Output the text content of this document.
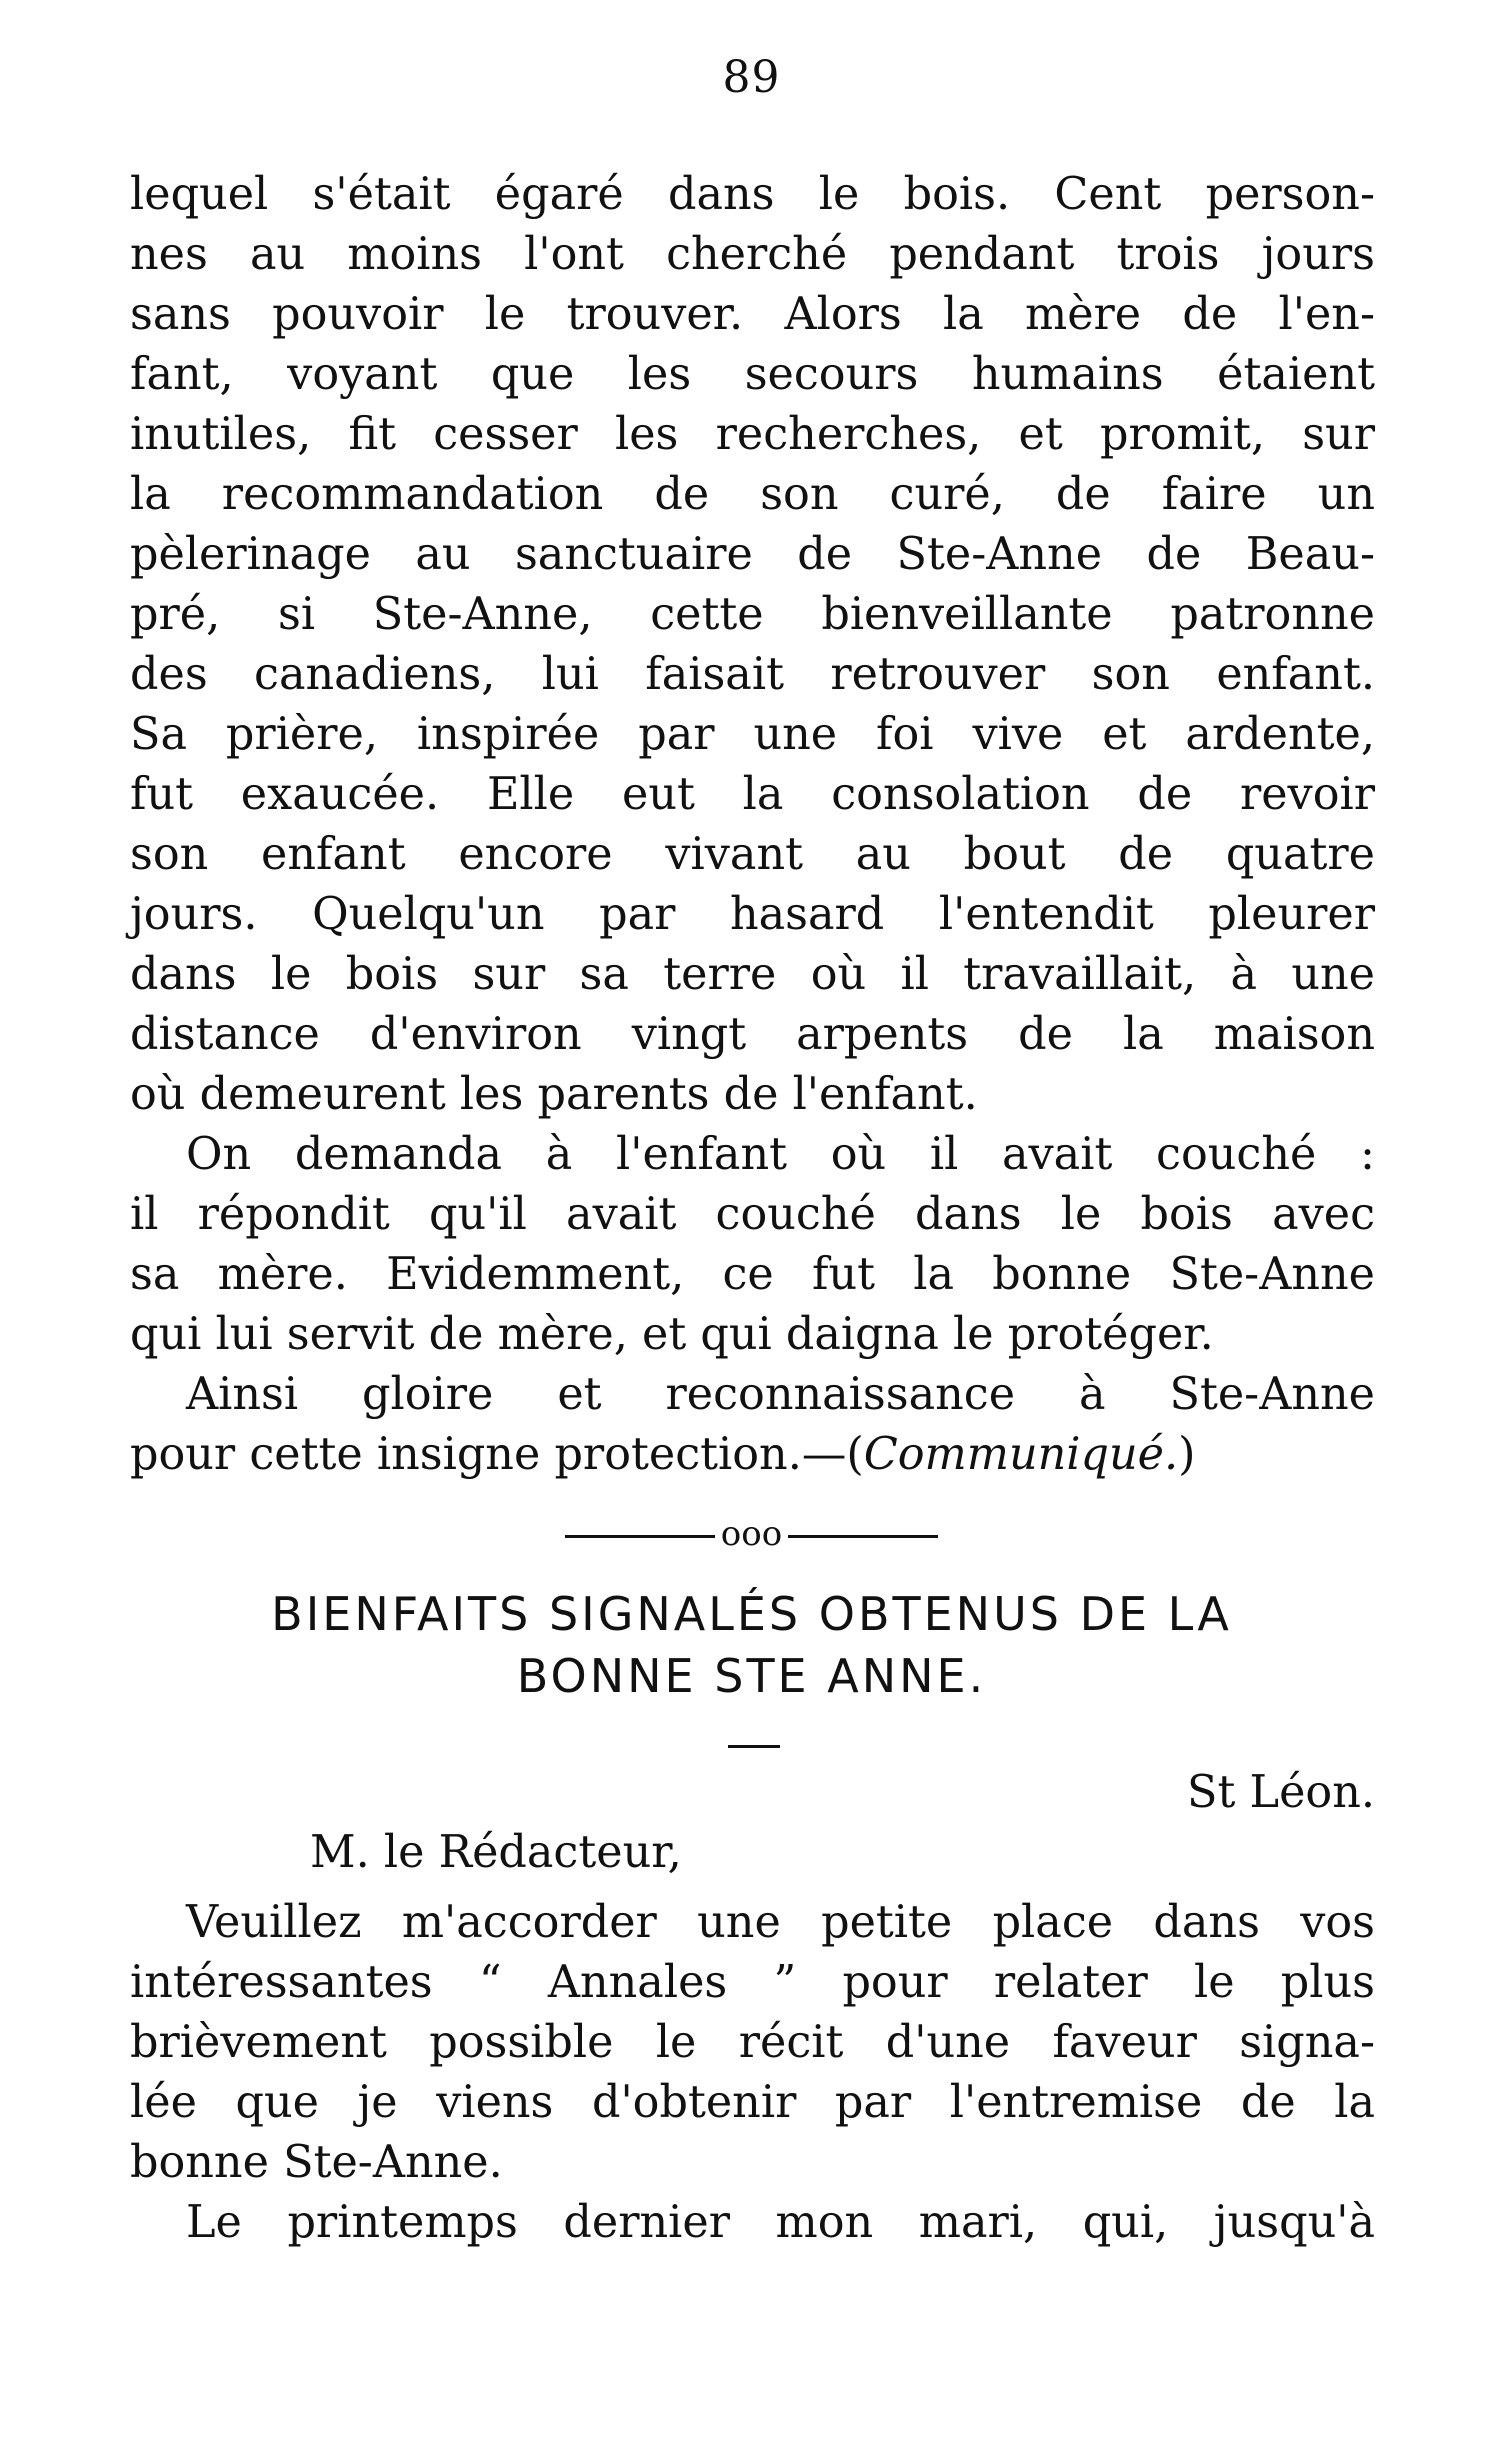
89
lequel s'était égaré dans le bois. Cent person-
nes au moins l'ont cherché pendant trois jours
sans pouvoir le trouver. Alors la mère de l'en-
fant, voyant que les secours humains étaient
inutiles, fit cesser les recherches, et promit, sur
la recommandation de son curé, de faire un
pèlerinage au sanctuaire de Ste-Anne de Beau-
pré, si Ste-Anne, cette bienveillante patronne
des canadiens, lui faisait retrouver son enfant.
Sa prière, inspirée par une foi vive et ardente,
fut exaucée. Elle eut la consolation de revoir
son enfant encore vivant au bout de quatre
jours. Quelqu'un par hasard l'entendit pleurer
dans le bois sur sa terre où il travaillait, à une
distance d'environ vingt arpents de la maison
où demeurent les parents de l'enfant.
On demanda à l'enfant où il avait couché :
il répondit qu'il avait couché dans le bois avec
sa mère. Evidemment, ce fut la bonne Ste-Anne
qui lui servit de mère, et qui daigna le protéger.
Ainsi gloire et reconnaissance à Ste-Anne
pour cette insigne protection.—(Communiqué.)
ooo
BIENFAITS SIGNALÉS OBTENUS DE LA
BONNE STE ANNE.
St Léon.
M. le Rédacteur,
Veuillez m'accorder une petite place dans vos
intéressantes “ Annales ” pour relater le plus
brièvement possible le récit d'une faveur signa-
lée que je viens d'obtenir par l'entremise de la
bonne Ste-Anne.
Le printemps dernier mon mari, qui, jusqu'à
